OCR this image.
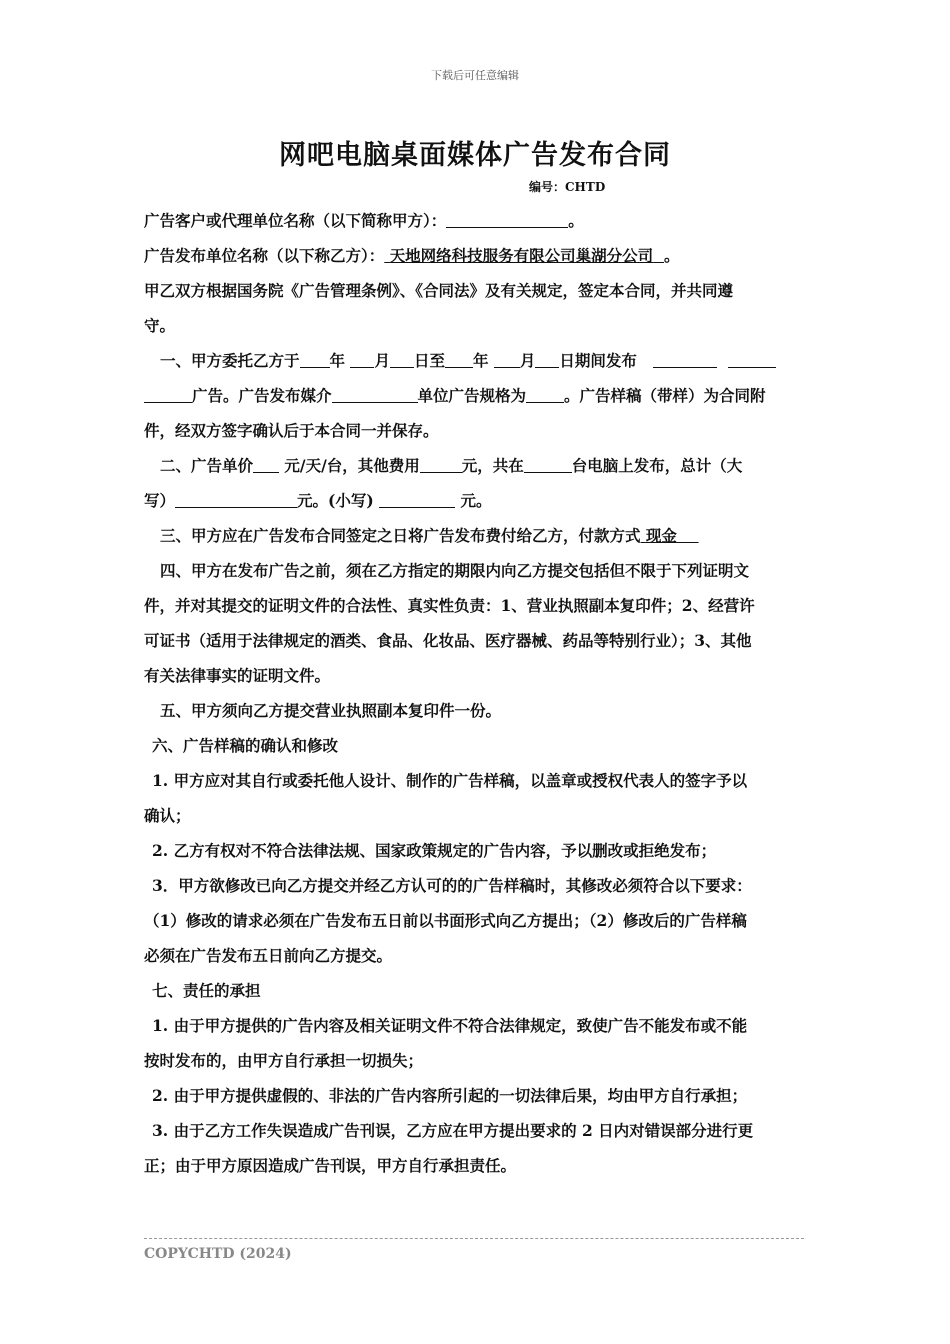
下载后可任意编辑
网吧电脑桌面媒体广告发布合同
编号：CHTD
广告客户或代理单位名称（以下简称甲方）：	。
广告发布单位名称（以下称乙方）： 天地网络科技服务有限公司巢湖分公司 。
甲乙双方根据国务院《广告管理条例》、《合同法》及有关规定，签定本合同，并共同遵
守。
一、甲方委托乙方于 年 月 日至 年 月 日期间发布
广告。广告发布媒介	单位广告规格为 。广告样稿（带样）为合同附
件，经双方签字确认后于本合同一并保存。
二、广告单价 元/天/台，其他费用	元，共在	台电脑上发布，总计（大
写）	元。(小写)	元。
三、甲方应在广告发布合同签定之日将广告发布费付给乙方，付款方式 现金
四、甲方在发布广告之前，须在乙方指定的期限内向乙方提交包括但不限于下列证明文
件，并对其提交的证明文件的合法性、真实性负责：1、营业执照副本复印件；2、经营许
可证书（适用于法律规定的酒类、食品、化妆品、医疗器械、药品等特别行业）；3、其他
有关法律事实的证明文件。
五、甲方须向乙方提交营业执照副本复印件一份。
六、广告样稿的确认和修改
1. 甲方应对其自行或委托他人设计、制作的广告样稿，以盖章或授权代表人的签字予以
确认；
2. 乙方有权对不符合法律法规、国家政策规定的广告内容，予以删改或拒绝发布；
3．甲方欲修改已向乙方提交并经乙方认可的的广告样稿时，其修改必须符合以下要求：
（1）修改的请求必须在广告发布五日前以书面形式向乙方提出；（2）修改后的广告样稿
必须在广告发布五日前向乙方提交。
七、责任的承担
1. 由于甲方提供的广告内容及相关证明文件不符合法律规定，致使广告不能发布或不能
按时发布的，由甲方自行承担一切损失；
2. 由于甲方提供虚假的、非法的广告内容所引起的一切法律后果，均由甲方自行承担；
3. 由于乙方工作失误造成广告刊误，乙方应在甲方提出要求的 2 日内对错误部分进行更
正；由于甲方原因造成广告刊误，甲方自行承担责任。
COPYCHTD (2024)
